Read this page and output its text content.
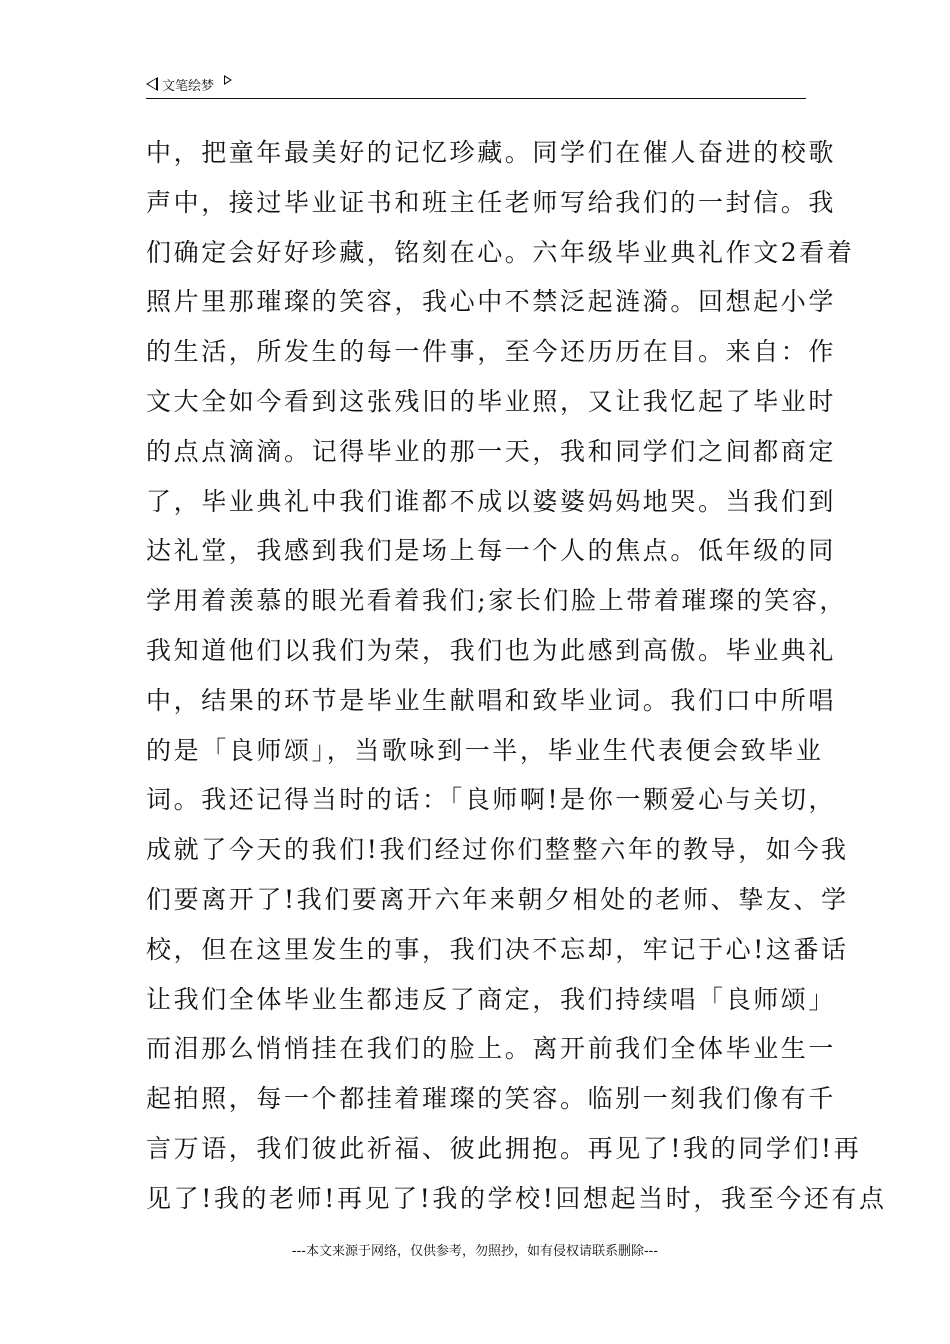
文笔绘梦
中，把童年最美好的记忆珍藏。同学们在催人奋进的校歌
声中，接过毕业证书和班主任老师写给我们的一封信。我
们确定会好好珍藏，铭刻在心。六年级毕业典礼作文2看着
照片里那璀璨的笑容，我心中不禁泛起涟漪。回想起小学
的生活，所发生的每一件事，至今还历历在目。来自：作
文大全如今看到这张残旧的毕业照，又让我忆起了毕业时
的点点滴滴。记得毕业的那一天，我和同学们之间都商定
了，毕业典礼中我们谁都不成以婆婆妈妈地哭。当我们到
达礼堂，我感到我们是场上每一个人的焦点。低年级的同
学用着羡慕的眼光看着我们;家长们脸上带着璀璨的笑容，
我知道他们以我们为荣，我们也为此感到高傲。毕业典礼
中，结果的环节是毕业生献唱和致毕业词。我们口中所唱
的是「良师颂」，当歌咏到一半，毕业生代表便会致毕业
词。我还记得当时的话：「良师啊!是你一颗爱心与关切，
成就了今天的我们!我们经过你们整整六年的教导，如今我
们要离开了!我们要离开六年来朝夕相处的老师、挚友、学
校，但在这里发生的事，我们决不忘却，牢记于心!这番话
让我们全体毕业生都违反了商定，我们持续唱「良师颂」
而泪那么悄悄挂在我们的脸上。离开前我们全体毕业生一
起拍照，每一个都挂着璀璨的笑容。临别一刻我们像有千
言万语，我们彼此祈福、彼此拥抱。再见了!我的同学们!再
见了!我的老师!再见了!我的学校!回想起当时，我至今还有点
---本文来源于网络，仅供参考，勿照抄，如有侵权请联系删除---
